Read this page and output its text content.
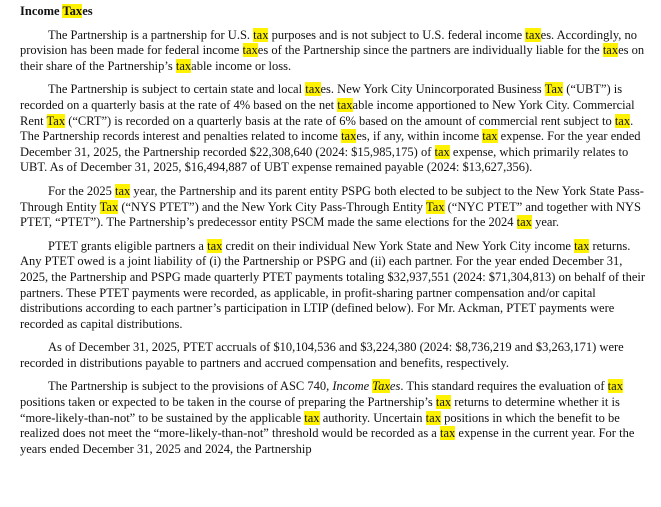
Income Taxes
The Partnership is a partnership for U.S. tax purposes and is not subject to U.S. federal income taxes. Accordingly, no provision has been made for federal income taxes of the Partnership since the partners are individually liable for the taxes on their share of the Partnership’s taxable income or loss.
The Partnership is subject to certain state and local taxes. New York City Unincorporated Business Tax (“UBT”) is recorded on a quarterly basis at the rate of 4% based on the net taxable income apportioned to New York City. Commercial Rent Tax (“CRT”) is recorded on a quarterly basis at the rate of 6% based on the amount of commercial rent subject to tax. The Partnership records interest and penalties related to income taxes, if any, within income tax expense. For the year ended December 31, 2025, the Partnership recorded $22,308,640 (2024: $15,985,175) of tax expense, which primarily relates to UBT. As of December 31, 2025, $16,494,887 of UBT expense remained payable (2024: $13,627,356).
For the 2025 tax year, the Partnership and its parent entity PSPG both elected to be subject to the New York State Pass-Through Entity Tax (“NYS PTET”) and the New York City Pass-Through Entity Tax (“NYC PTET” and together with NYS PTET, “PTET”). The Partnership’s predecessor entity PSCM made the same elections for the 2024 tax year.
PTET grants eligible partners a tax credit on their individual New York State and New York City income tax returns. Any PTET owed is a joint liability of (i) the Partnership or PSPG and (ii) each partner. For the year ended December 31, 2025, the Partnership and PSPG made quarterly PTET payments totaling $32,937,551 (2024: $71,304,813) on behalf of their partners. These PTET payments were recorded, as applicable, in profit-sharing partner compensation and/or capital distributions according to each partner’s participation in LTIP (defined below). For Mr. Ackman, PTET payments were recorded as capital distributions.
As of December 31, 2025, PTET accruals of $10,104,536 and $3,224,380 (2024: $8,736,219 and $3,263,171) were recorded in distributions payable to partners and accrued compensation and benefits, respectively.
The Partnership is subject to the provisions of ASC 740, Income Taxes. This standard requires the evaluation of tax positions taken or expected to be taken in the course of preparing the Partnership’s tax returns to determine whether it is “more-likely-than-not” to be sustained by the applicable tax authority. Uncertain tax positions in which the benefit to be realized does not meet the “more-likely-than-not” threshold would be recorded as a tax expense in the current year. For the years ended December 31, 2025 and 2024, the Partnership
